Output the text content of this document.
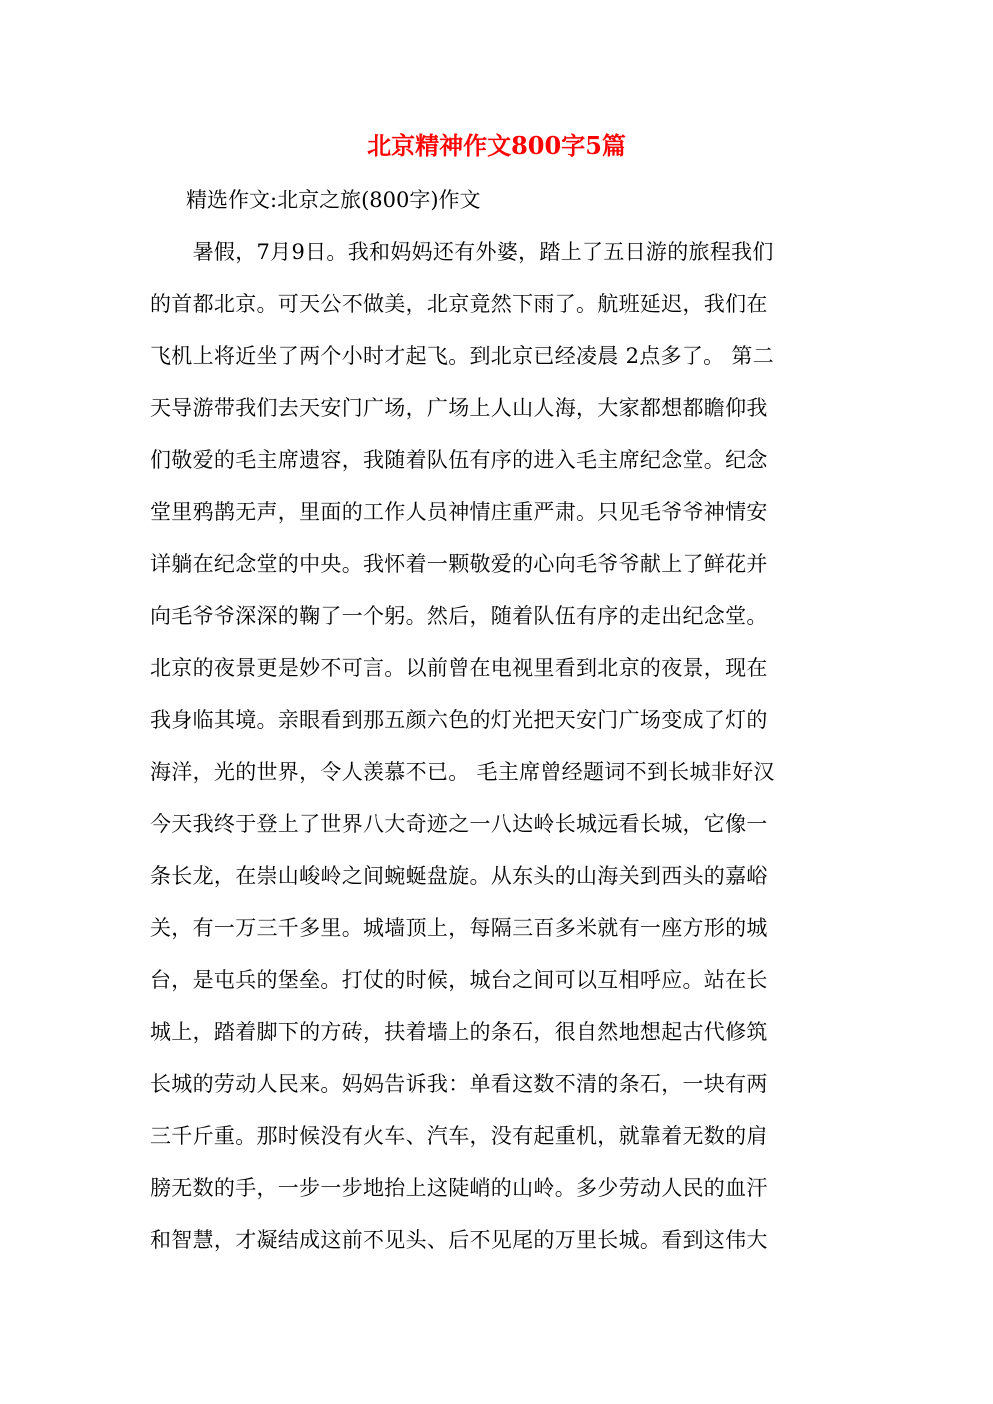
北京精神作文800字5篇
精选作文:北京之旅(800字)作文
　　暑假，7月9日。我和妈妈还有外婆，踏上了五日游的旅程我们
的首都北京。可天公不做美，北京竟然下雨了。航班延迟，我们在
飞机上将近坐了两个小时才起飞。到北京已经凌晨 2点多了。 第二
天导游带我们去天安门广场，广场上人山人海，大家都想都瞻仰我
们敬爱的毛主席遗容，我随着队伍有序的进入毛主席纪念堂。纪念
堂里鸦鹊无声，里面的工作人员神情庄重严肃。只见毛爷爷神情安
详躺在纪念堂的中央。我怀着一颗敬爱的心向毛爷爷献上了鲜花并
向毛爷爷深深的鞠了一个躬。然后，随着队伍有序的走出纪念堂。
北京的夜景更是妙不可言。以前曾在电视里看到北京的夜景，现在
我身临其境。亲眼看到那五颜六色的灯光把天安门广场变成了灯的
海洋，光的世界，令人羡慕不已。 毛主席曾经题词不到长城非好汉
今天我终于登上了世界八大奇迹之一八达岭长城远看长城，它像一
条长龙，在崇山峻岭之间蜿蜒盘旋。从东头的山海关到西头的嘉峪
关，有一万三千多里。城墙顶上，每隔三百多米就有一座方形的城
台，是屯兵的堡垒。打仗的时候，城台之间可以互相呼应。站在长
城上，踏着脚下的方砖，扶着墙上的条石，很自然地想起古代修筑
长城的劳动人民来。妈妈告诉我：单看这数不清的条石，一块有两
三千斤重。那时候没有火车、汽车，没有起重机，就靠着无数的肩
膀无数的手，一步一步地抬上这陡峭的山岭。多少劳动人民的血汗
和智慧，才凝结成这前不见头、后不见尾的万里长城。看到这伟大
